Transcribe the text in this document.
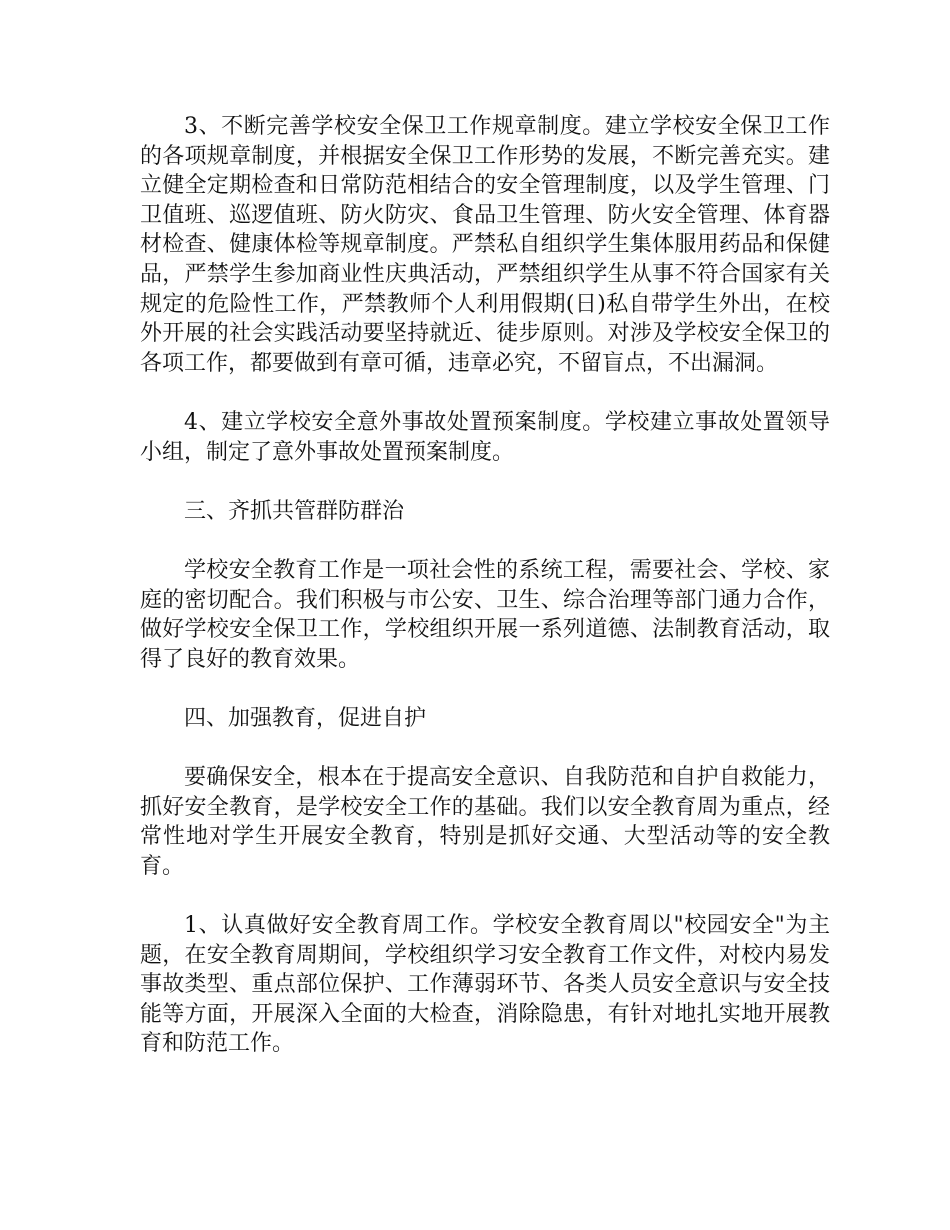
3、不断完善学校安全保卫工作规章制度。建立学校安全保卫工作的各项规章制度，并根据安全保卫工作形势的发展，不断完善充实。建立健全定期检查和日常防范相结合的安全管理制度，以及学生管理、门卫值班、巡逻值班、防火防灾、食品卫生管理、防火安全管理、体育器材检查、健康体检等规章制度。严禁私自组织学生集体服用药品和保健品，严禁学生参加商业性庆典活动，严禁组织学生从事不符合国家有关规定的危险性工作，严禁教师个人利用假期(日)私自带学生外出，在校外开展的社会实践活动要坚持就近、徒步原则。对涉及学校安全保卫的各项工作，都要做到有章可循，违章必究，不留盲点，不出漏洞。

4、建立学校安全意外事故处置预案制度。学校建立事故处置领导小组，制定了意外事故处置预案制度。

三、齐抓共管群防群治

学校安全教育工作是一项社会性的系统工程，需要社会、学校、家庭的密切配合。我们积极与市公安、卫生、综合治理等部门通力合作，做好学校安全保卫工作，学校组织开展一系列道德、法制教育活动，取得了良好的教育效果。

四、加强教育，促进自护

要确保安全，根本在于提高安全意识、自我防范和自护自救能力，抓好安全教育，是学校安全工作的基础。我们以安全教育周为重点，经常性地对学生开展安全教育，特别是抓好交通、大型活动等的安全教育。

1、认真做好安全教育周工作。学校安全教育周以"校园安全"为主题，在安全教育周期间，学校组织学习安全教育工作文件，对校内易发事故类型、重点部位保护、工作薄弱环节、各类人员安全意识与安全技能等方面，开展深入全面的大检查，消除隐患，有针对地扎实地开展教育和防范工作。
